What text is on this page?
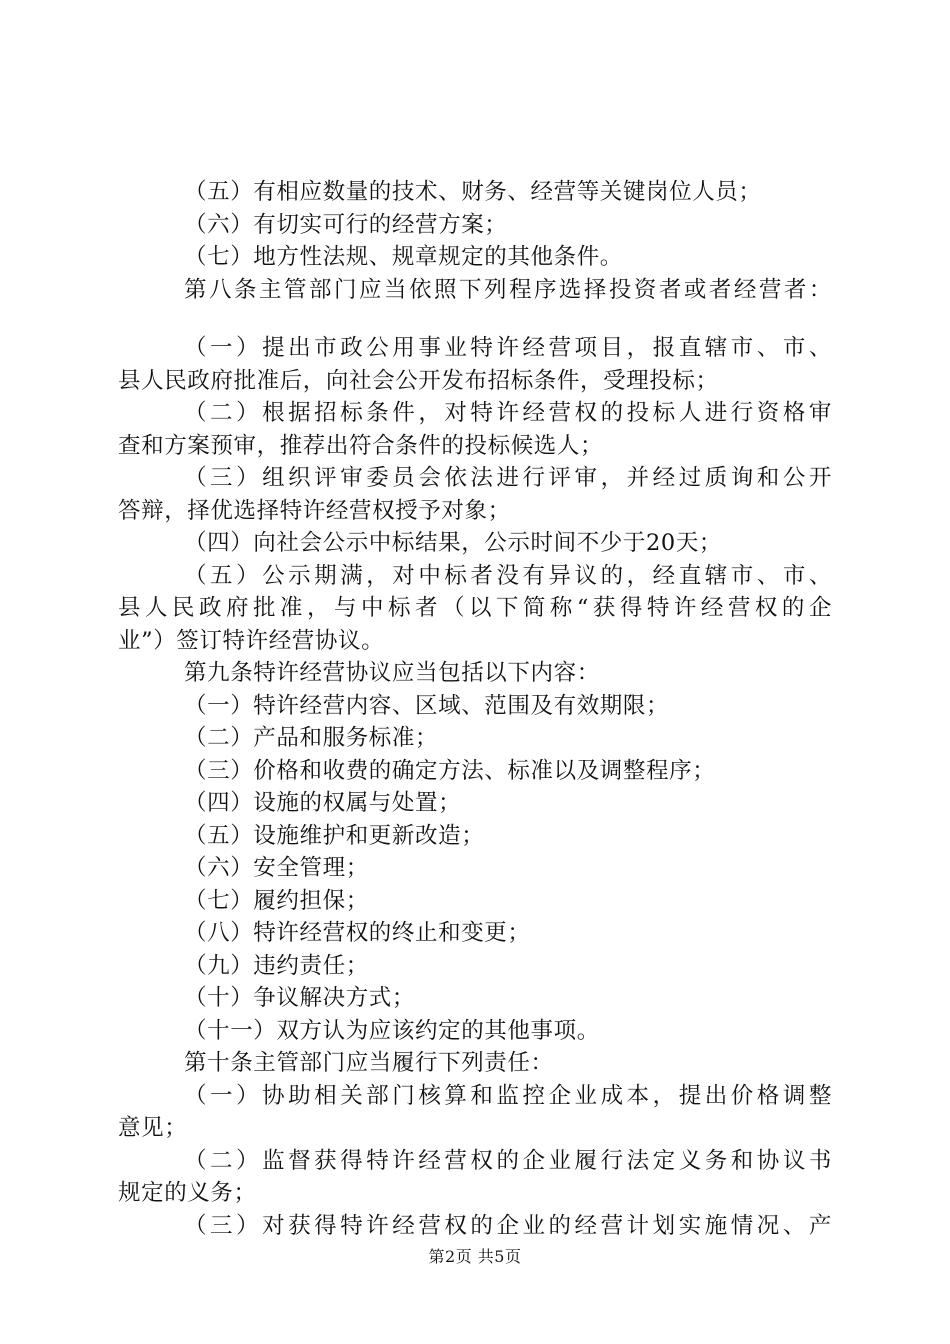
（五）有相应数量的技术、财务、经营等关键岗位人员；
（六）有切实可行的经营方案；
（七）地方性法规、规章规定的其他条件。
第八条主管部门应当依照下列程序选择投资者或者经营者：
（一）提出市政公用事业特许经营项目，报直辖市、市、
县人民政府批准后，向社会公开发布招标条件，受理投标；
（二）根据招标条件，对特许经营权的投标人进行资格审
查和方案预审，推荐出符合条件的投标候选人；
（三）组织评审委员会依法进行评审，并经过质询和公开
答辩，择优选择特许经营权授予对象；
（四）向社会公示中标结果，公示时间不少于20天；
（五）公示期满，对中标者没有异议的，经直辖市、市、
县人民政府批准，与中标者（以下简称“获得特许经营权的企
业”）签订特许经营协议。
第九条特许经营协议应当包括以下内容：
（一）特许经营内容、区域、范围及有效期限；
（二）产品和服务标准；
（三）价格和收费的确定方法、标准以及调整程序；
（四）设施的权属与处置；
（五）设施维护和更新改造；
（六）安全管理；
（七）履约担保；
（八）特许经营权的终止和变更；
（九）违约责任；
（十）争议解决方式；
（十一）双方认为应该约定的其他事项。
第十条主管部门应当履行下列责任：
（一）协助相关部门核算和监控企业成本，提出价格调整
意见；
（二）监督获得特许经营权的企业履行法定义务和协议书
规定的义务；
（三）对获得特许经营权的企业的经营计划实施情况、产
第2页 共5页
